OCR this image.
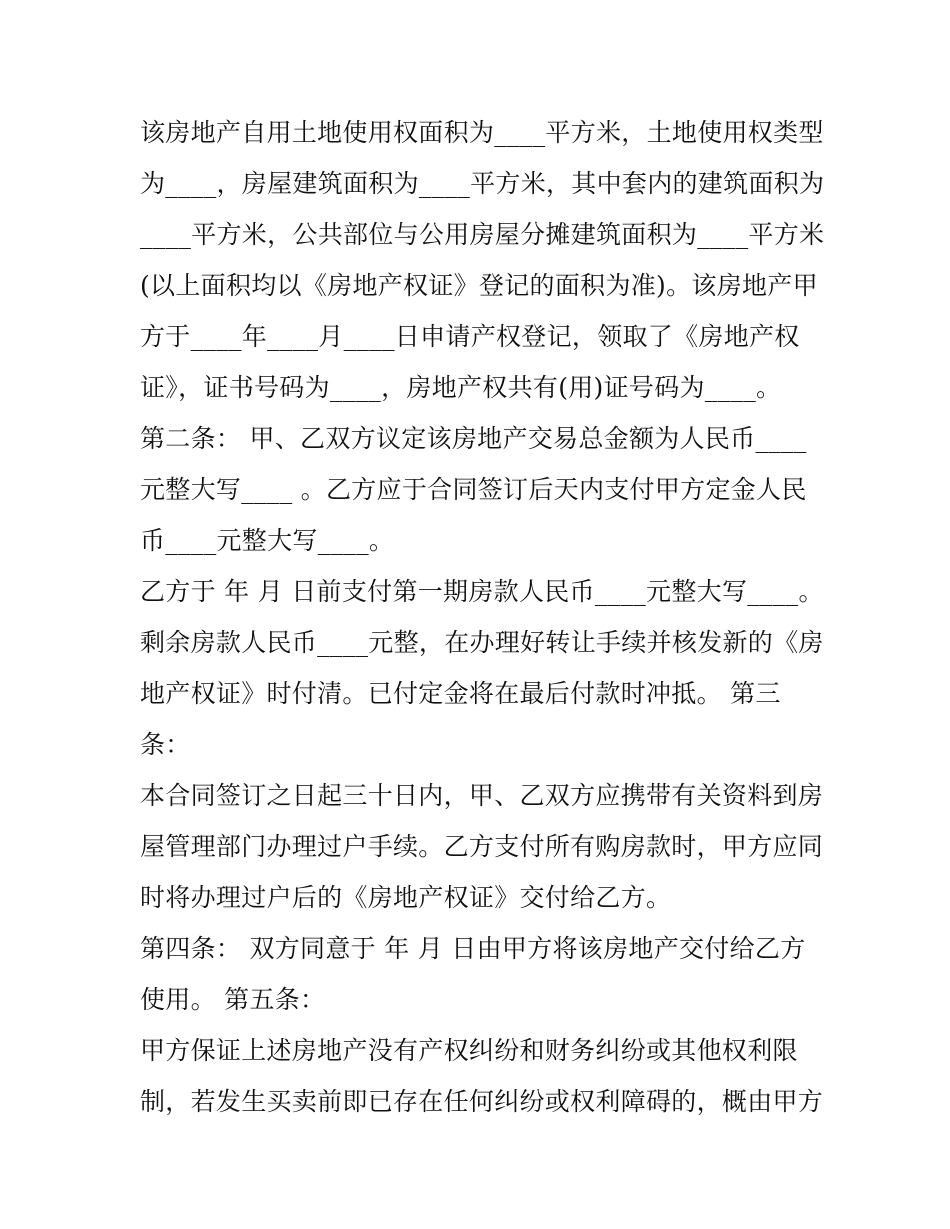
该房地产自用土地使用权面积为____平方米，土地使用权类型
为____，房屋建筑面积为____平方米，其中套内的建筑面积为
____平方米，公共部位与公用房屋分摊建筑面积为____平方米
(以上面积均以《房地产权证》登记的面积为准)。该房地产甲
方于____年____月____日申请产权登记，领取了《房地产权
证》，证书号码为____，房地产权共有(用)证号码为____。
第二条： 甲、乙双方议定该房地产交易总金额为人民币____
元整大写____ 。乙方应于合同签订后天内支付甲方定金人民
币____元整大写____。
乙方于 年 月 日前支付第一期房款人民币____元整大写____。
剩余房款人民币____元整，在办理好转让手续并核发新的《房
地产权证》时付清。已付定金将在最后付款时冲抵。 第三
条：
本合同签订之日起三十日内，甲、乙双方应携带有关资料到房
屋管理部门办理过户手续。乙方支付所有购房款时，甲方应同
时将办理过户后的《房地产权证》交付给乙方。
第四条： 双方同意于 年 月 日由甲方将该房地产交付给乙方
使用。 第五条：
甲方保证上述房地产没有产权纠纷和财务纠纷或其他权利限
制，若发生买卖前即已存在任何纠纷或权利障碍的，概由甲方
